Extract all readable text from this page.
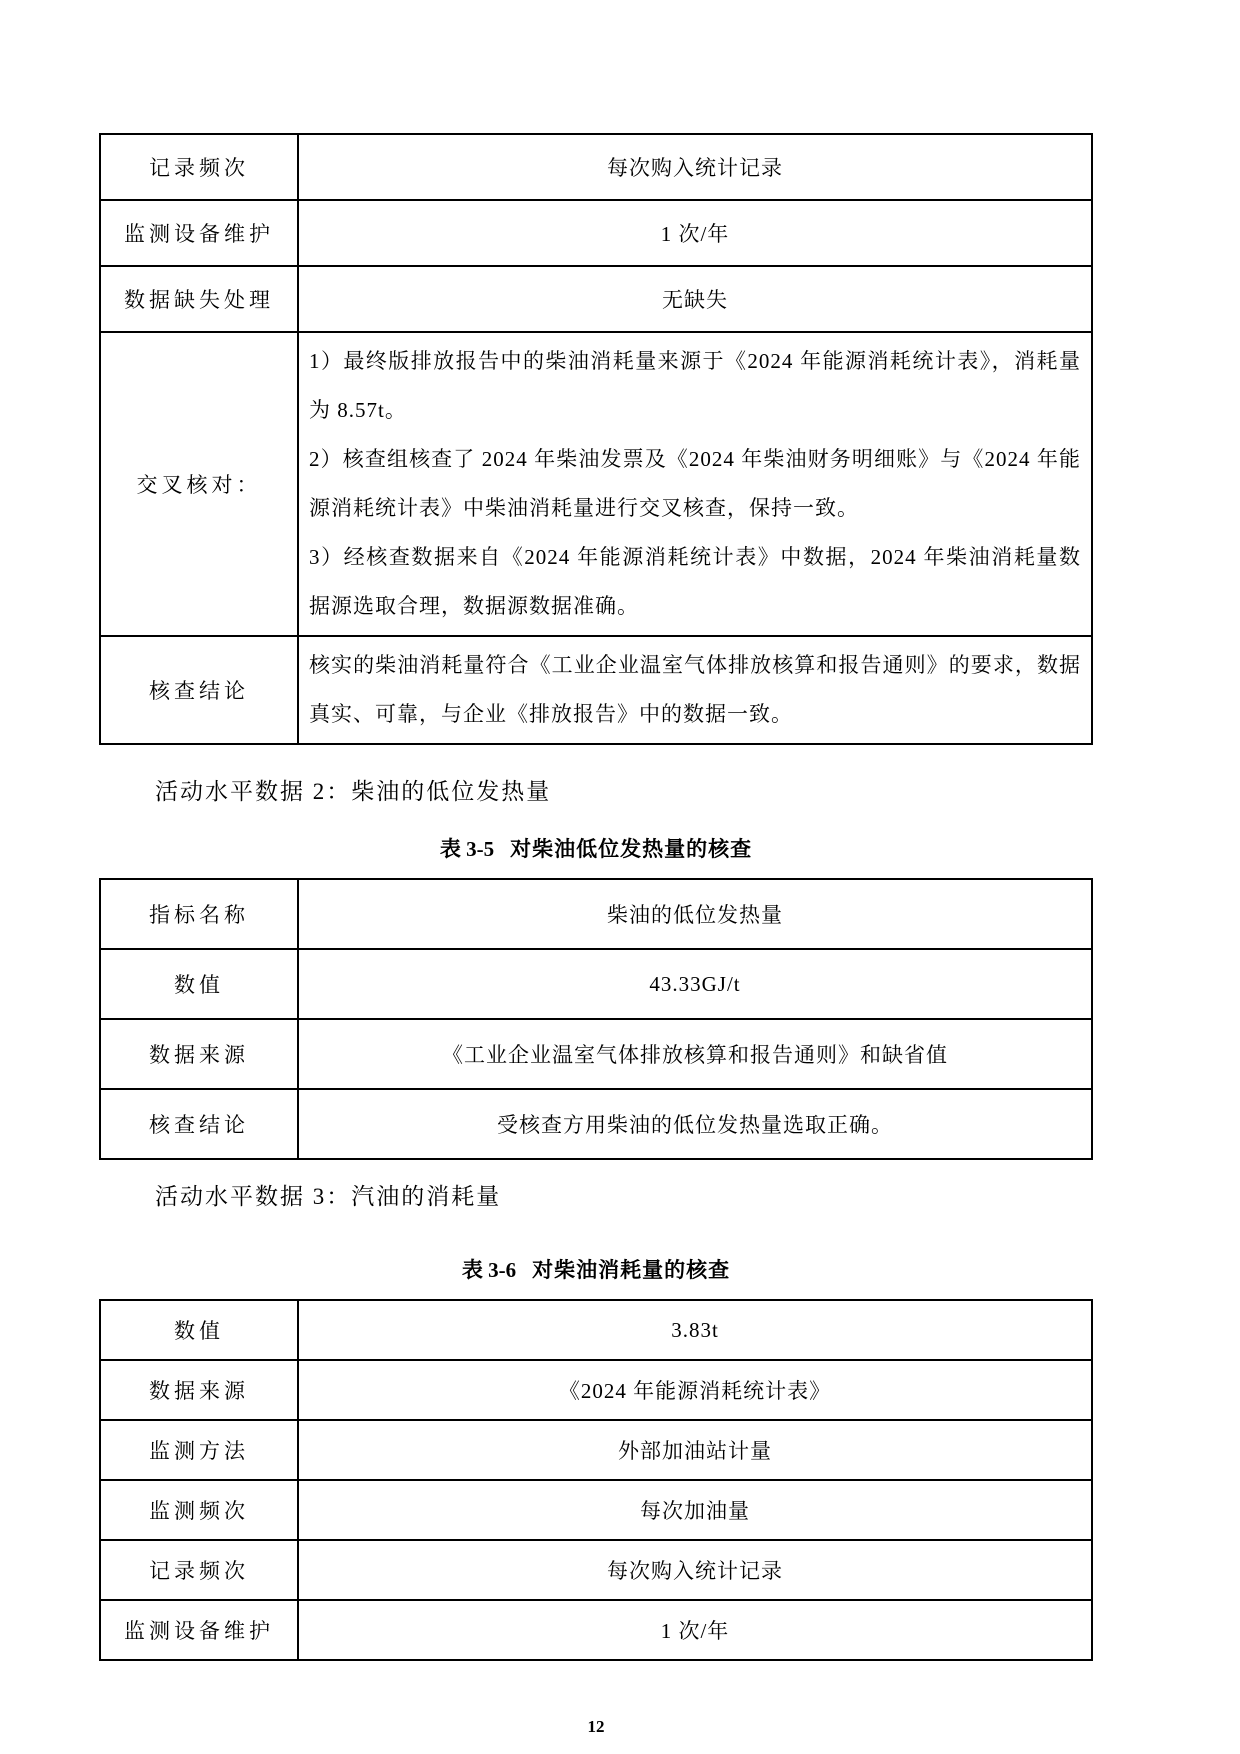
记录频次	每次购入统计记录
监测设备维护	1 次/年
数据缺失处理	无缺失
交叉核对：	1）最终版排放报告中的柴油消耗量来源于《2024 年能源消耗统计表》，消耗量为 8.57t。

2）核查组核查了 2024 年柴油发票及《2024 年柴油财务明细账》与《2024 年能源消耗统计表》中柴油消耗量进行交叉核查，保持一致。

3）经核查数据来自《2024 年能源消耗统计表》中数据，2024 年柴油消耗量数据源选取合理，数据源数据准确。

核查结论	核实的柴油消耗量符合《工业企业温室气体排放核算和报告通则》的要求，数据真实、可靠，与企业《排放报告》中的数据一致。

活动水平数据 2：柴油的低位发热量

表 3-5 对柴油低位发热量的核查

指标名称	柴油的低位发热量
数值	43.33GJ/t
数据来源	《工业企业温室气体排放核算和报告通则》和缺省值
核查结论	受核查方用柴油的低位发热量选取正确。

活动水平数据 3：汽油的消耗量

表 3-6 对柴油消耗量的核查

数值	3.83t
数据来源	《2024 年能源消耗统计表》
监测方法	外部加油站计量
监测频次	每次加油量
记录频次	每次购入统计记录
监测设备维护	1 次/年
12
